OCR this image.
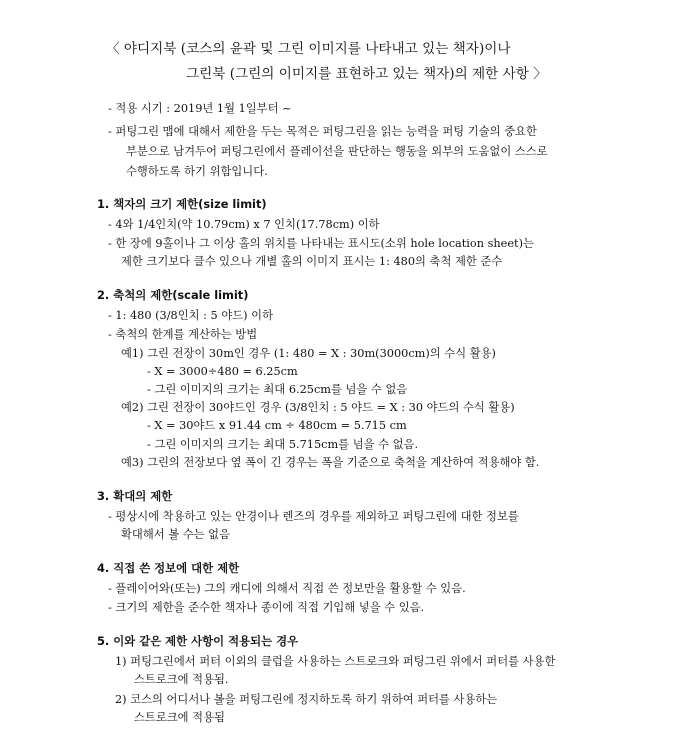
〈 야디지북 (코스의 윤곽 및 그린 이미지를 나타내고 있는 책자)이나
그린북 (그린의 이미지를 표현하고 있는 책자)의 제한 사항 〉
- 적용 시기 : 2019년 1월 1일부터 ~
- 퍼팅그린 맵에 대해서 제한을 두는 목적은 퍼팅그린을 읽는 능력을 퍼팅 기술의 중요한
부분으로 남겨두어 퍼팅그린에서 플레이선을 판단하는 행동을 외부의 도움없이 스스로
수행하도록 하기 위함입니다.
1. 책자의 크기 제한(size limit)
- 4와 1/4인치(약 10.79cm) x 7 인치(17.78cm) 이하
- 한 장에 9홀이나 그 이상 홀의 위치를 나타내는 표시도(소위 hole location sheet)는
제한 크기보다 클수 있으나 개별 홀의 이미지 표시는 1: 480의 축척 제한 준수
2. 축척의 제한(scale limit)
- 1: 480 (3/8인치 : 5 야드) 이하
- 축척의 한계를 계산하는 방법
예1) 그린 전장이 30m인 경우 (1: 480 = X : 30m(3000cm)의 수식 활용)
- X = 3000÷480 = 6.25cm
- 그린 이미지의 크기는 최대 6.25cm를 넘을 수 없음
예2) 그린 전장이 30야드인 경우 (3/8인치 : 5 야드 = X : 30 야드의 수식 활용)
- X = 30야드 x 91.44 cm ÷ 480cm = 5.715 cm
- 그린 이미지의 크기는 최대 5.715cm를 넘을 수 없음.
예3) 그린의 전장보다 옆 폭이 긴 경우는 폭을 기준으로 축척을 계산하여 적용해야 함.
3. 확대의 제한
- 평상시에 착용하고 있는 안경이나 렌즈의 경우를 제외하고 퍼팅그린에 대한 정보를
확대해서 볼 수는 없음
4. 직접 쓴 정보에 대한 제한
- 플레이어와(또는) 그의 캐디에 의해서 직접 쓴 정보만을 활용할 수 있음.
- 크기의 제한을 준수한 책자나 종이에 직접 기입해 넣을 수 있음.
5. 이와 같은 제한 사항이 적용되는 경우
1) 퍼팅그린에서 퍼터 이외의 클럽을 사용하는 스트로크와 퍼팅그린 위에서 퍼터를 사용한
스트로크에 적용됨.
2) 코스의 어디서나 볼을 퍼팅그린에 정지하도록 하기 위하여 퍼터를 사용하는
스트로크에 적용됨
